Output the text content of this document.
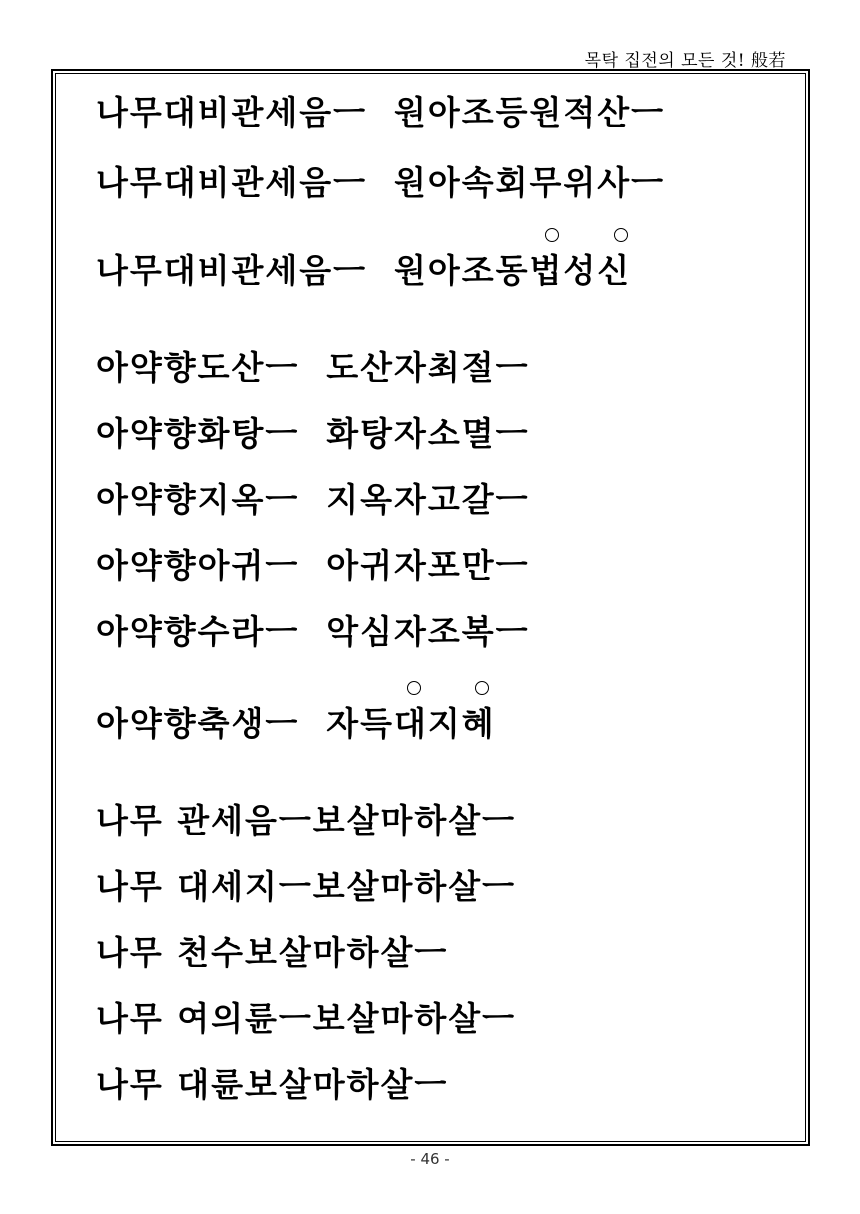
목탁 집전의 모든 것! 般若
나무대비관세음ㅡ  원아조등원적산ㅡ
나무대비관세음ㅡ  원아속회무위사ㅡ
나무대비관세음ㅡ  원아조동법성신
아약향도산ㅡ  도산자최절ㅡ
아약향화탕ㅡ  화탕자소멸ㅡ
아약향지옥ㅡ  지옥자고갈ㅡ
아약향아귀ㅡ  아귀자포만ㅡ
아약향수라ㅡ  악심자조복ㅡ
아약향축생ㅡ  자득대지혜
나무 관세음ㅡ보살마하살ㅡ
나무 대세지ㅡ보살마하살ㅡ
나무 천수보살마하살ㅡ
나무 여의륜ㅡ보살마하살ㅡ
나무 대륜보살마하살ㅡ
- 46 -
